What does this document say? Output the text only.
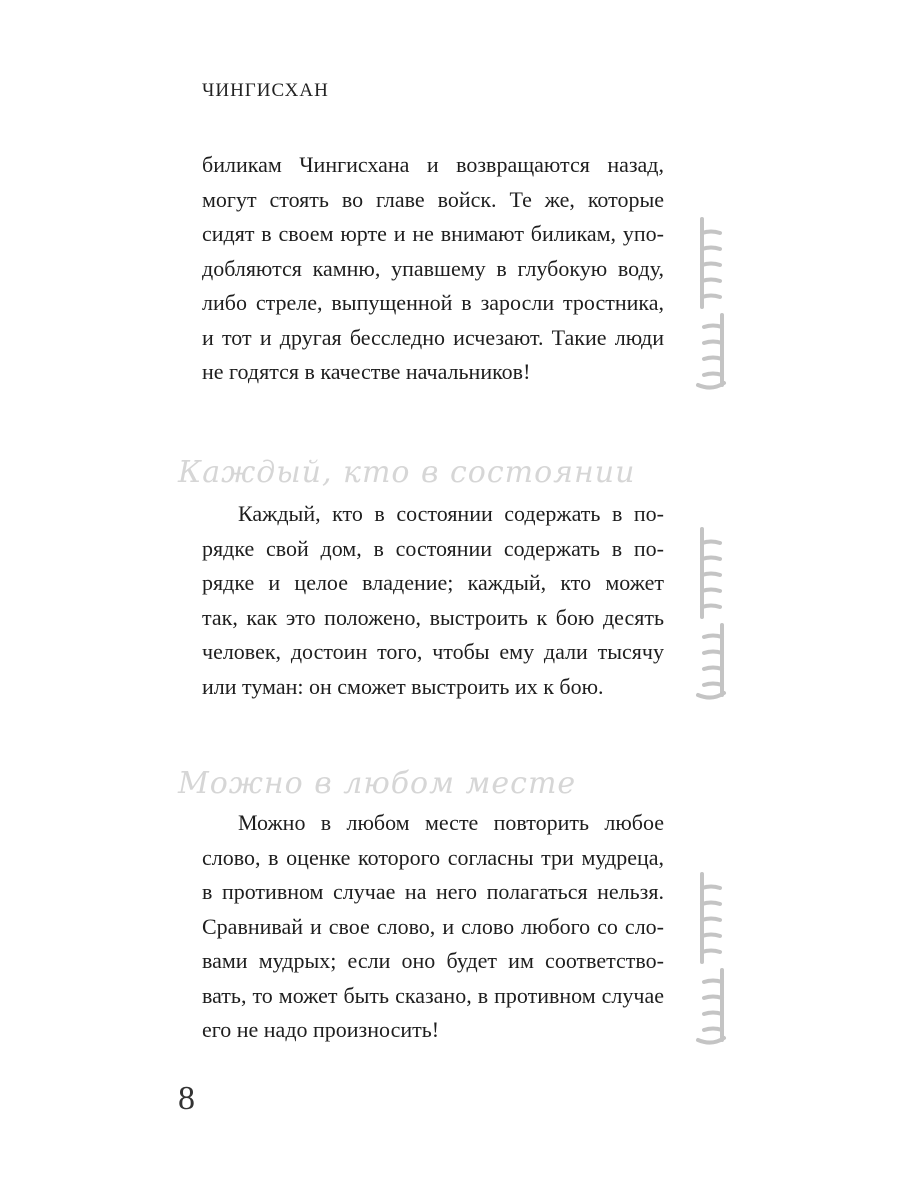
ЧИНГИСХАН
биликам Чингисхана и возвращаются назад,
могут стоять во главе войск. Те же, которые
сидят в своем юрте и не внимают биликам, упо-
добляются камню, упавшему в глубокую воду,
либо стреле, выпущенной в заросли тростника,
и тот и другая бесследно исчезают. Такие люди
не годятся в качестве начальников!
Каждый, кто в состоянии
Каждый, кто в состоянии содержать в по-
рядке свой дом, в состоянии содержать в по-
рядке и целое владение; каждый, кто может
так, как это положено, выстроить к бою десять
человек, достоин того, чтобы ему дали тысячу
или туман: он сможет выстроить их к бою.
Можно в любом месте
Можно в любом месте повторить любое
слово, в оценке которого согласны три мудреца,
в противном случае на него полагаться нельзя.
Сравнивай и свое слово, и слово любого со сло-
вами мудрых; если оно будет им соответство-
вать, то может быть сказано, в противном случае
его не надо произносить!
8
